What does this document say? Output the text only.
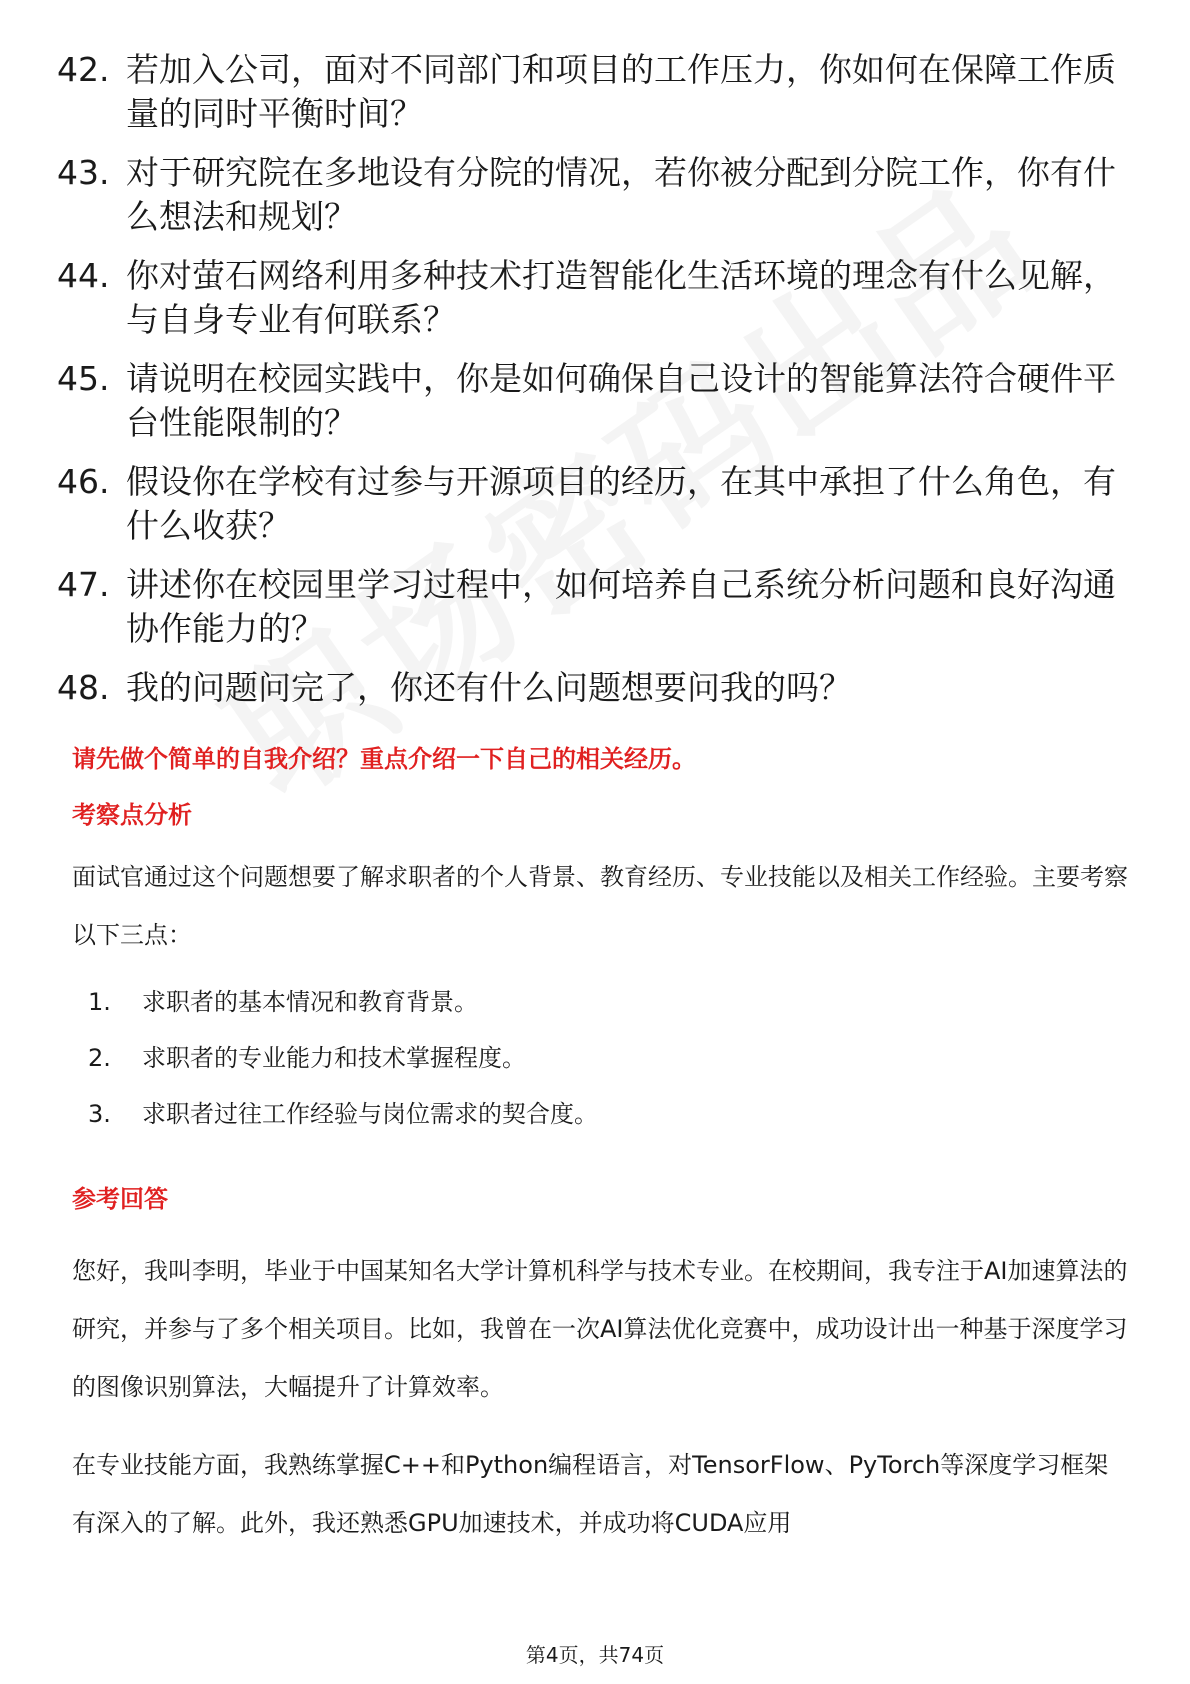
42. 若加入公司，面对不同部门和项目的工作压力，你如何在保障工作质量的同时平衡时间？
43. 对于研究院在多地设有分院的情况，若你被分配到分院工作，你有什么想法和规划？
44. 你对萤石网络利用多种技术打造智能化生活环境的理念有什么见解，与自身专业有何联系？
45. 请说明在校园实践中，你是如何确保自己设计的智能算法符合硬件平台性能限制的？
46. 假设你在学校有过参与开源项目的经历，在其中承担了什么角色，有什么收获？
47. 讲述你在校园里学习过程中，如何培养自己系统分析问题和良好沟通协作能力的？
48. 我的问题问完了，你还有什么问题想要问我的吗？
请先做个简单的自我介绍？重点介绍一下自己的相关经历。
考察点分析
面试官通过这个问题想要了解求职者的个人背景、教育经历、专业技能以及相关工作经验。主要考察以下三点：
1.	求职者的基本情况和教育背景。
2.	求职者的专业能力和技术掌握程度。
3.	求职者过往工作经验与岗位需求的契合度。
参考回答
您好，我叫李明，毕业于中国某知名大学计算机科学与技术专业。在校期间，我专注于AI加速算法的研究，并参与了多个相关项目。比如，我曾在一次AI算法优化竞赛中，成功设计出一种基于深度学习的图像识别算法，大幅提升了计算效率。
在专业技能方面，我熟练掌握C++和Python编程语言，对TensorFlow、PyTorch等深度学习框架有深入的了解。此外，我还熟悉GPU加速技术，并成功将CUDA应用
第4页，共74页
